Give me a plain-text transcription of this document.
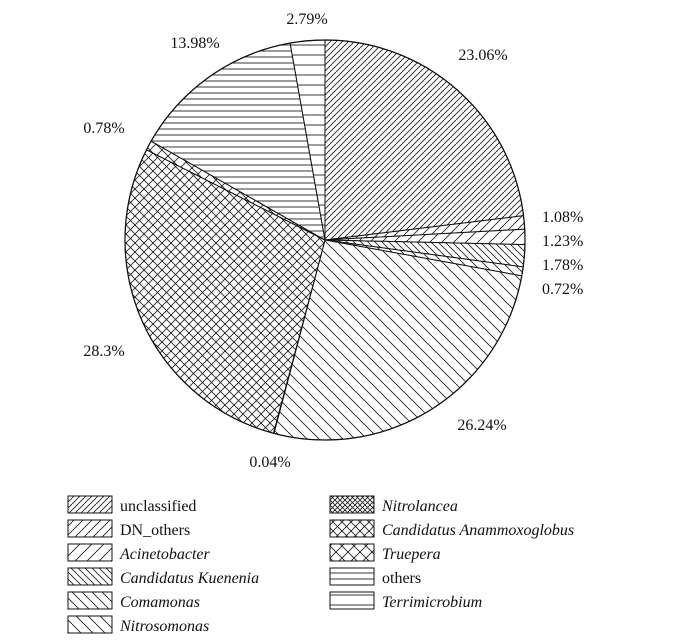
23.06%
1.08%
1.23%
1.78%
0.72%
26.24%
0.04%
28.3%
0.78%
13.98%
2.79%
unclassified
DN_others
Acinetobacter
Candidatus Kuenenia
Comamonas
Nitrosomonas
Nitrolancea
Candidatus Anammoxoglobus
Truepera
others
Terrimicrobium
